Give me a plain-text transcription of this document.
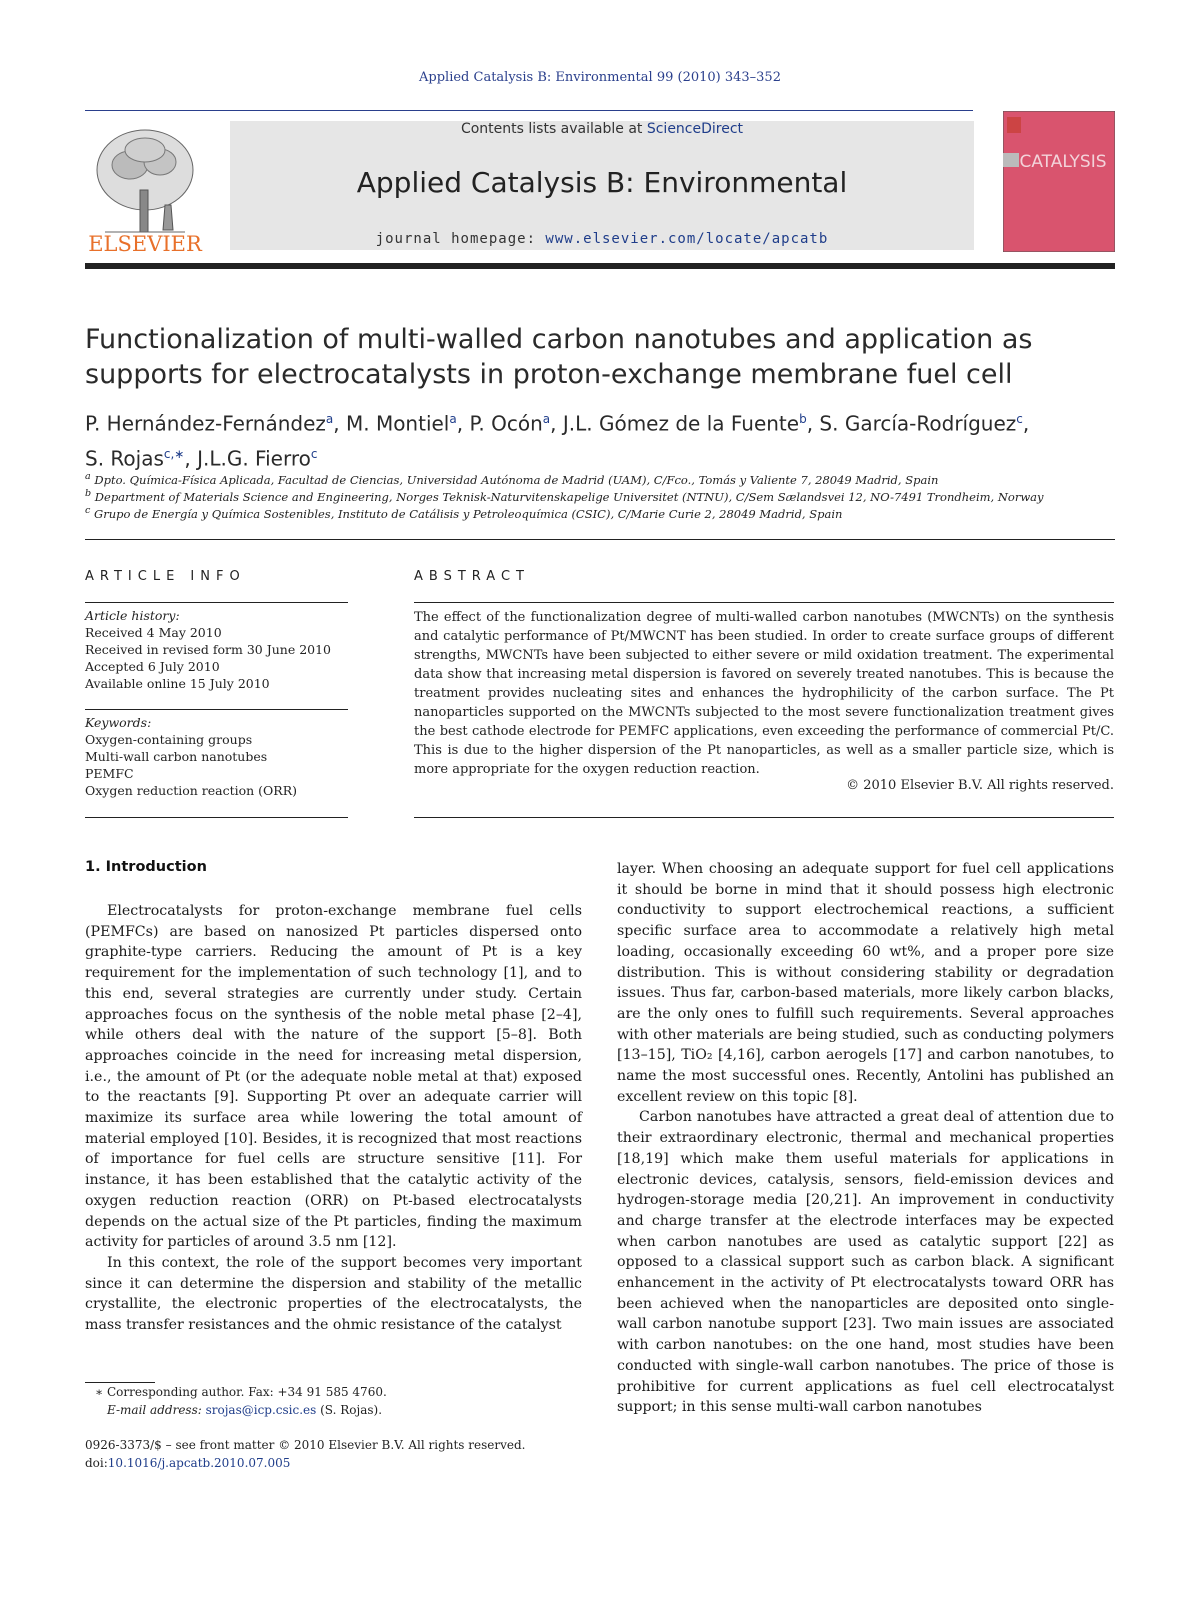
Applied Catalysis B: Environmental 99 (2010) 343–352
ELSEVIER
Contents lists available at ScienceDirect
Applied Catalysis B: Environmental
journal homepage: www.elsevier.com/locate/apcatb
CATALYSIS
Functionalization of multi-walled carbon nanotubes and application as supports for electrocatalysts in proton-exchange membrane fuel cell
P. Hernández-Fernández$^a$, M. Montiel$^a$, P. Ocón$^a$, J.L. Gómez de la Fuente$^b$, S. García-Rodríguez$^c$,
S. Rojas$^{c,∗}$, J.L.G. Fierro$^c$
$^a$ Dpto. Química-Física Aplicada, Facultad de Ciencias, Universidad Autónoma de Madrid (UAM), C/Fco., Tomás y Valiente 7, 28049 Madrid, Spain
$^b$ Department of Materials Science and Engineering, Norges Teknisk-Naturvitenskapelige Universitet (NTNU), C/Sem Sælandsvei 12, NO-7491 Trondheim, Norway
$^c$ Grupo de Energía y Química Sostenibles, Instituto de Catálisis y Petroleoquímica (CSIC), C/Marie Curie 2, 28049 Madrid, Spain
ARTICLE INFO
Article history:
Received 4 May 2010
Received in revised form 30 June 2010
Accepted 6 July 2010
Available online 15 July 2010
Keywords:
Oxygen-containing groups
Multi-wall carbon nanotubes
PEMFC
Oxygen reduction reaction (ORR)
ABSTRACT
The effect of the functionalization degree of multi-walled carbon nanotubes (MWCNTs) on the synthesis and catalytic performance of Pt/MWCNT has been studied. In order to create surface groups of different strengths, MWCNTs have been subjected to either severe or mild oxidation treatment. The experimental data show that increasing metal dispersion is favored on severely treated nanotubes. This is because the treatment provides nucleating sites and enhances the hydrophilicity of the carbon surface. The Pt nanoparticles supported on the MWCNTs subjected to the most severe functionalization treatment gives the best cathode electrode for PEMFC applications, even exceeding the performance of commercial Pt/C. This is due to the higher dispersion of the Pt nanoparticles, as well as a smaller particle size, which is more appropriate for the oxygen reduction reaction.
© 2010 Elsevier B.V. All rights reserved.
1. Introduction

Electrocatalysts for proton-exchange membrane fuel cells (PEMFCs) are based on nanosized Pt particles dispersed onto graphite-type carriers. Reducing the amount of Pt is a key requirement for the implementation of such technology [1], and to this end, several strategies are currently under study. Certain approaches focus on the synthesis of the noble metal phase [2–4], while others deal with the nature of the support [5–8]. Both approaches coincide in the need for increasing metal dispersion, i.e., the amount of Pt (or the adequate noble metal at that) exposed to the reactants [9]. Supporting Pt over an adequate carrier will maximize its surface area while lowering the total amount of material employed [10]. Besides, it is recognized that most reactions of importance for fuel cells are structure sensitive [11]. For instance, it has been established that the catalytic activity of the oxygen reduction reaction (ORR) on Pt-based electrocatalysts depends on the actual size of the Pt particles, finding the maximum activity for particles of around 3.5 nm [12].

In this context, the role of the support becomes very important since it can determine the dispersion and stability of the metallic crystallite, the electronic properties of the electrocatalysts, the mass transfer resistances and the ohmic resistance of the catalyst

layer. When choosing an adequate support for fuel cell applications it should be borne in mind that it should possess high electronic conductivity to support electrochemical reactions, a sufficient specific surface area to accommodate a relatively high metal loading, occasionally exceeding 60 wt%, and a proper pore size distribution. This is without considering stability or degradation issues. Thus far, carbon-based materials, more likely carbon blacks, are the only ones to fulfill such requirements. Several approaches with other materials are being studied, such as conducting polymers [13–15], TiO₂ [4,16], carbon aerogels [17] and carbon nanotubes, to name the most successful ones. Recently, Antolini has published an excellent review on this topic [8].

Carbon nanotubes have attracted a great deal of attention due to their extraordinary electronic, thermal and mechanical properties [18,19] which make them useful materials for applications in electronic devices, catalysis, sensors, field-emission devices and hydrogen-storage media [20,21]. An improvement in conductivity and charge transfer at the electrode interfaces may be expected when carbon nanotubes are used as catalytic support [22] as opposed to a classical support such as carbon black. A significant enhancement in the activity of Pt electrocatalysts toward ORR has been achieved when the nanoparticles are deposited onto single-wall carbon nanotube support [23]. Two main issues are associated with carbon nanotubes: on the one hand, most studies have been conducted with single-wall carbon nanotubes. The price of those is prohibitive for current applications as fuel cell electrocatalyst support; in this sense multi-wall carbon nanotubes

∗ Corresponding author. Fax: +34 91 585 4760.
E-mail address: srojas@icp.csic.es (S. Rojas).
0926-3373/$ – see front matter © 2010 Elsevier B.V. All rights reserved.
doi:10.1016/j.apcatb.2010.07.005
